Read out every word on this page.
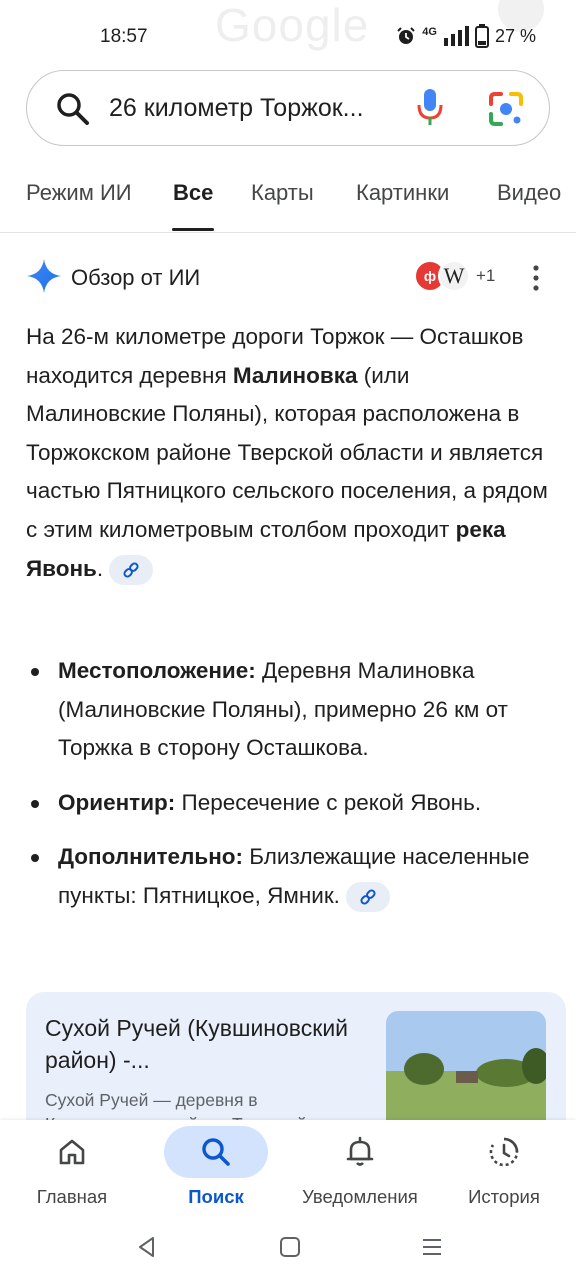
Google
18:57	4G	27 %
26 километр Торжок...
Режим ИИ Все Карты Картинки Видео
Обзор от ИИ	ф W +1
На 26-м километре дороги Торжок — Осташков находится деревня Малиновка (или Малиновские Поляны), которая расположена в Торжокском районе Тверской области и является частью Пятницкого сельского поселения, а рядом с этим километровым столбом проходит река Явонь.
Местоположение: Деревня Малиновка (Малиновские Поляны), примерно 26 км от Торжка в сторону Осташкова.
Ориентир: Пересечение с рекой Явонь.
Дополнительно: Близлежащие населенные пункты: Пятницкое, Ямник.
Сухой Ручей (Кувшиновский район) -...
Сухой Ручей — деревня в
Главная	Поиск	Уведомления	История
